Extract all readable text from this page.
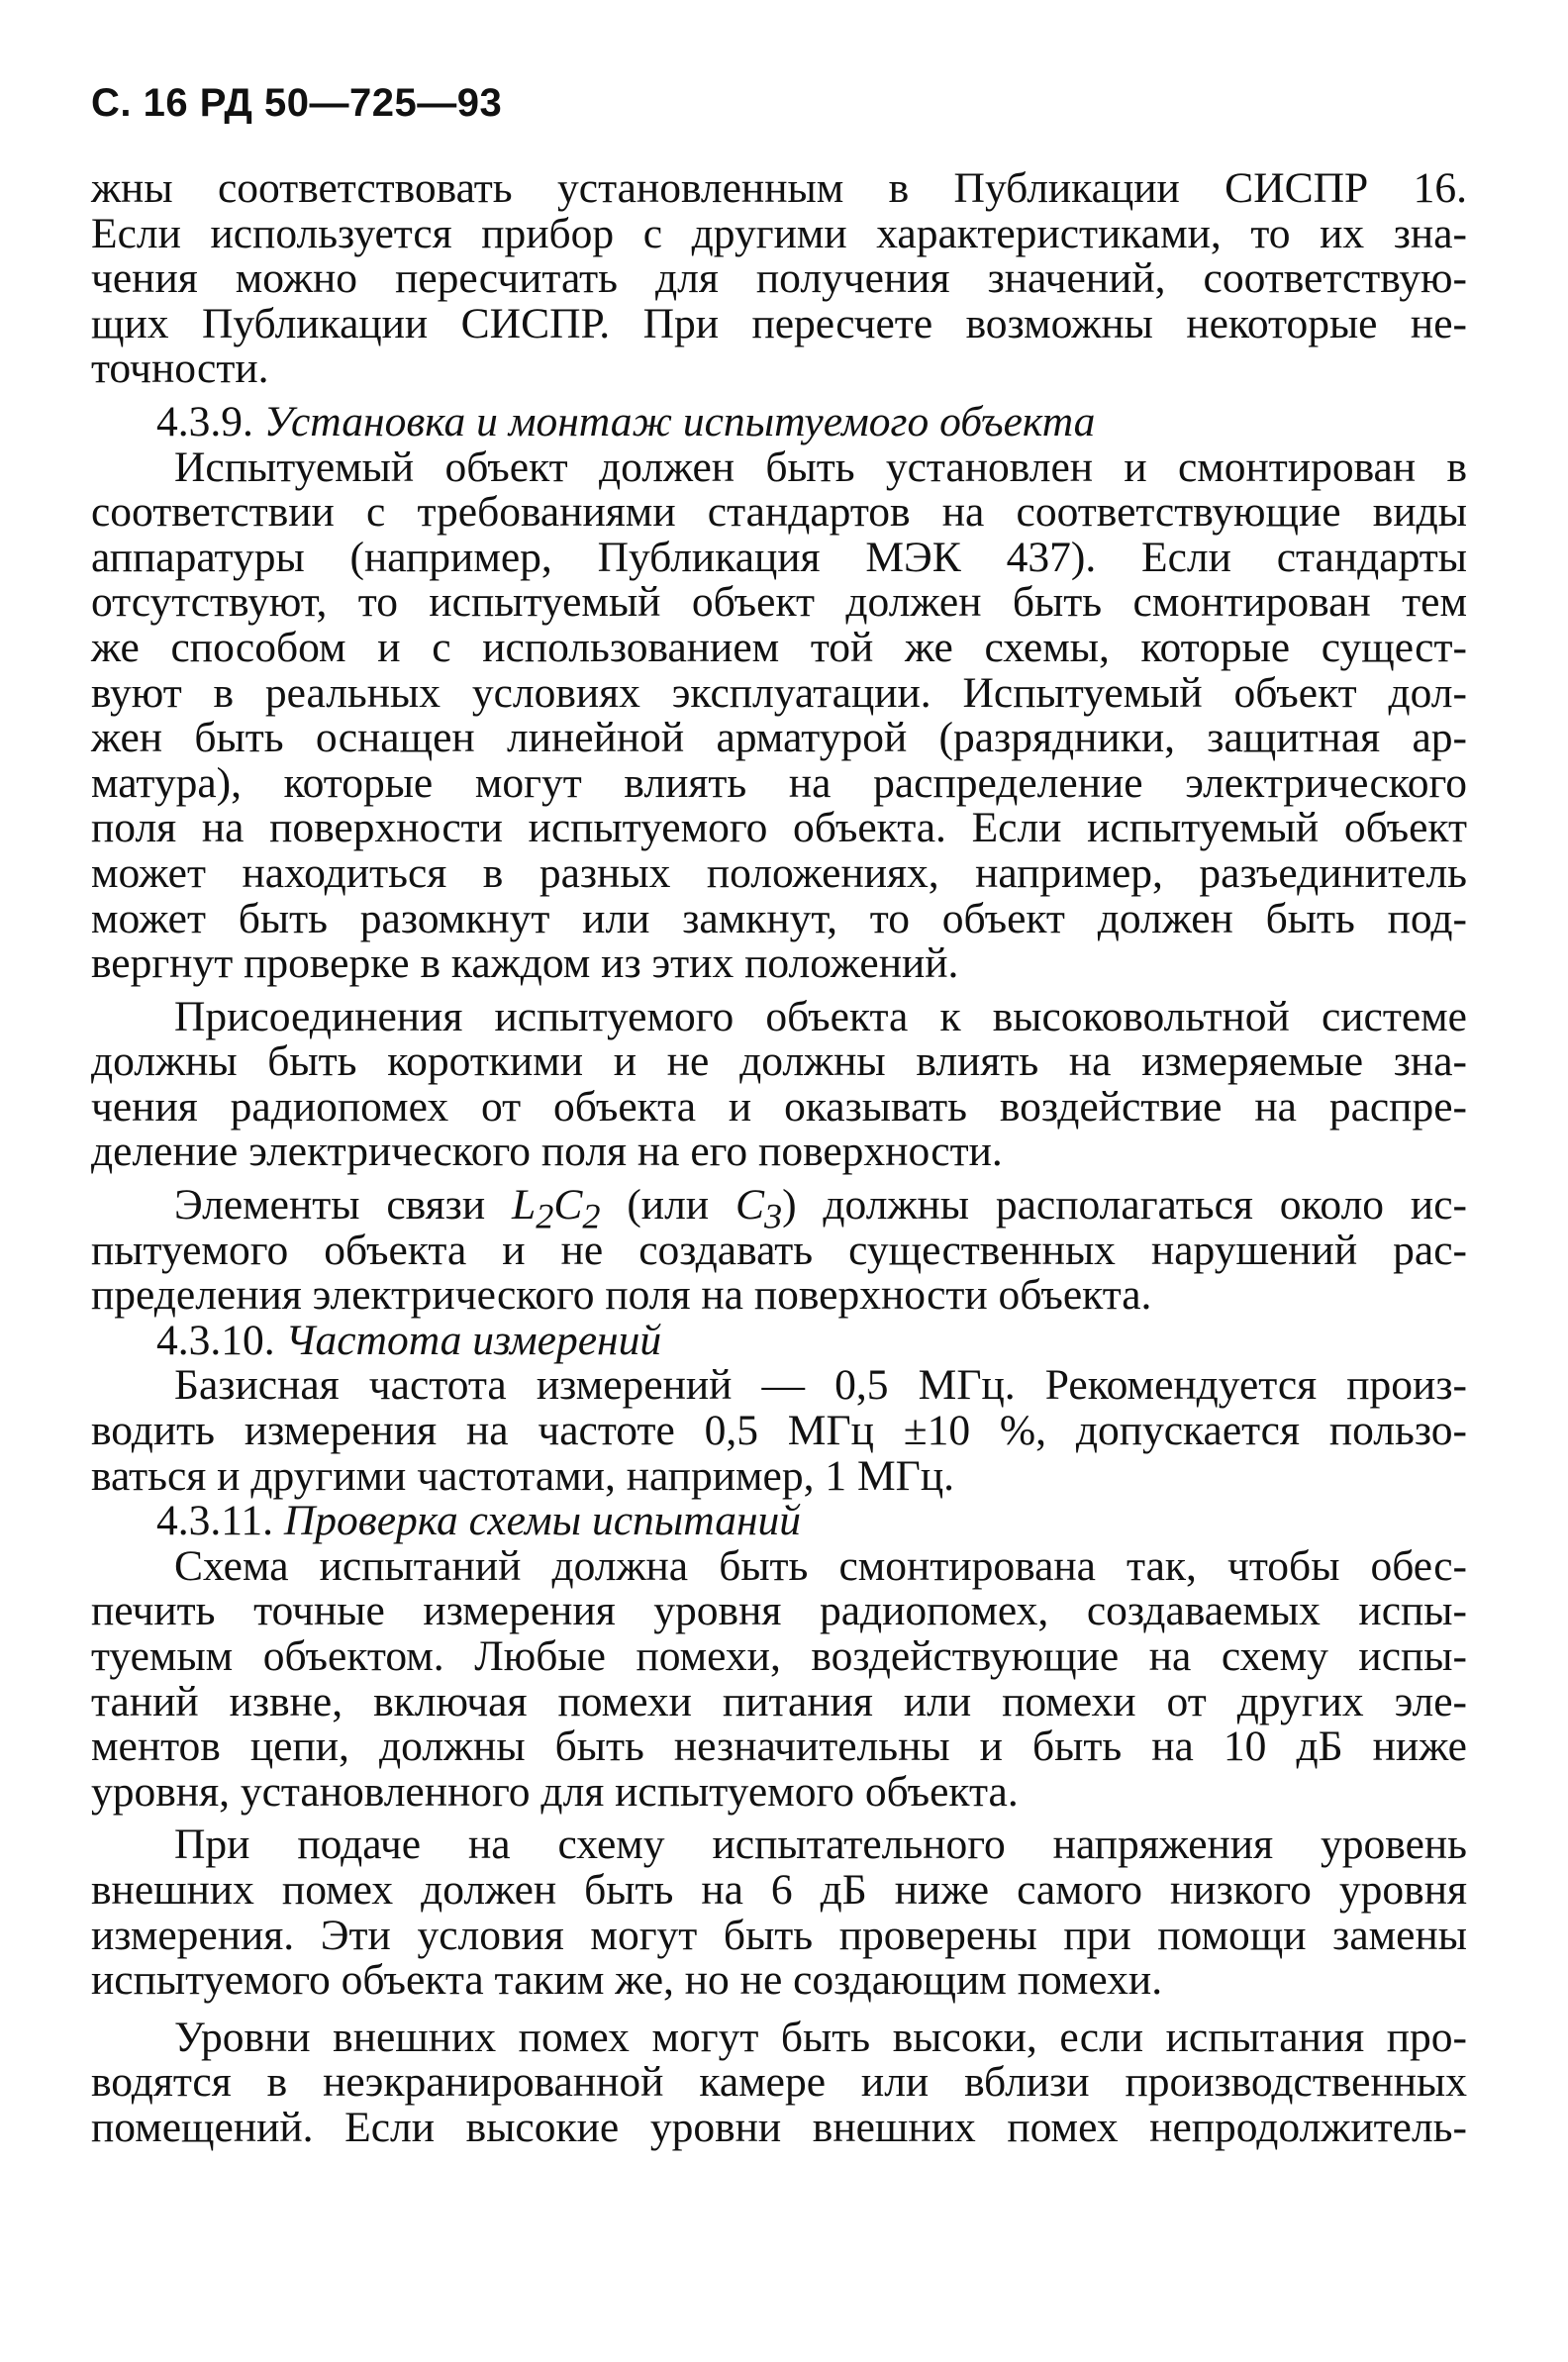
С. 16 РД 50—725—93

жны соответствовать установленным в Публикации СИСПР 16.
Если используется прибор с другими характеристиками, то их зна-
чения можно пересчитать для получения значений, соответствую-
щих Публикации СИСПР. При пересчете возможны некоторые не-
точности.
4.3.9. Установка и монтаж испытуемого объекта
Испытуемый объект должен быть установлен и смонтирован в
соответствии с требованиями стандартов на соответствующие виды
аппаратуры (например, Публикация МЭК 437). Если стандарты
отсутствуют, то испытуемый объект должен быть смонтирован тем
же способом и с использованием той же схемы, которые сущест-
вуют в реальных условиях эксплуатации. Испытуемый объект дол-
жен быть оснащен линейной арматурой (разрядники, защитная ар-
матура), которые могут влиять на распределение электрического
поля на поверхности испытуемого объекта. Если испытуемый объект
может находиться в разных положениях, например, разъединитель
может быть разомкнут или замкнут, то объект должен быть под-
вергнут проверке в каждом из этих положений.
Присоединения испытуемого объекта к высоковольтной системе
должны быть короткими и не должны влиять на измеряемые зна-
чения радиопомех от объекта и оказывать воздействие на распре-
деление электрического поля на его поверхности.
Элементы связи $L_2C_2$ (или $C_3$) должны располагаться около ис-
пытуемого объекта и не создавать существенных нарушений рас-
пределения электрического поля на поверхности объекта.
4.3.10. Частота измерений
Базисная частота измерений — 0,5 МГц. Рекомендуется произ-
водить измерения на частоте 0,5 МГц ±10 %, допускается пользо-
ваться и другими частотами, например, 1 МГц.
4.3.11. Проверка схемы испытаний
Схема испытаний должна быть смонтирована так, чтобы обес-
печить точные измерения уровня радиопомех, создаваемых испы-
туемым объектом. Любые помехи, воздействующие на схему испы-
таний извне, включая помехи питания или помехи от других эле-
ментов цепи, должны быть незначительны и быть на 10 дБ ниже
уровня, установленного для испытуемого объекта.
При подаче на схему испытательного напряжения уровень
внешних помех должен быть на 6 дБ ниже самого низкого уровня
измерения. Эти условия могут быть проверены при помощи замены
испытуемого объекта таким же, но не создающим помехи.
Уровни внешних помех могут быть высоки, если испытания про-
водятся в неэкранированной камере или вблизи производственных
помещений. Если высокие уровни внешних помех непродолжитель-
